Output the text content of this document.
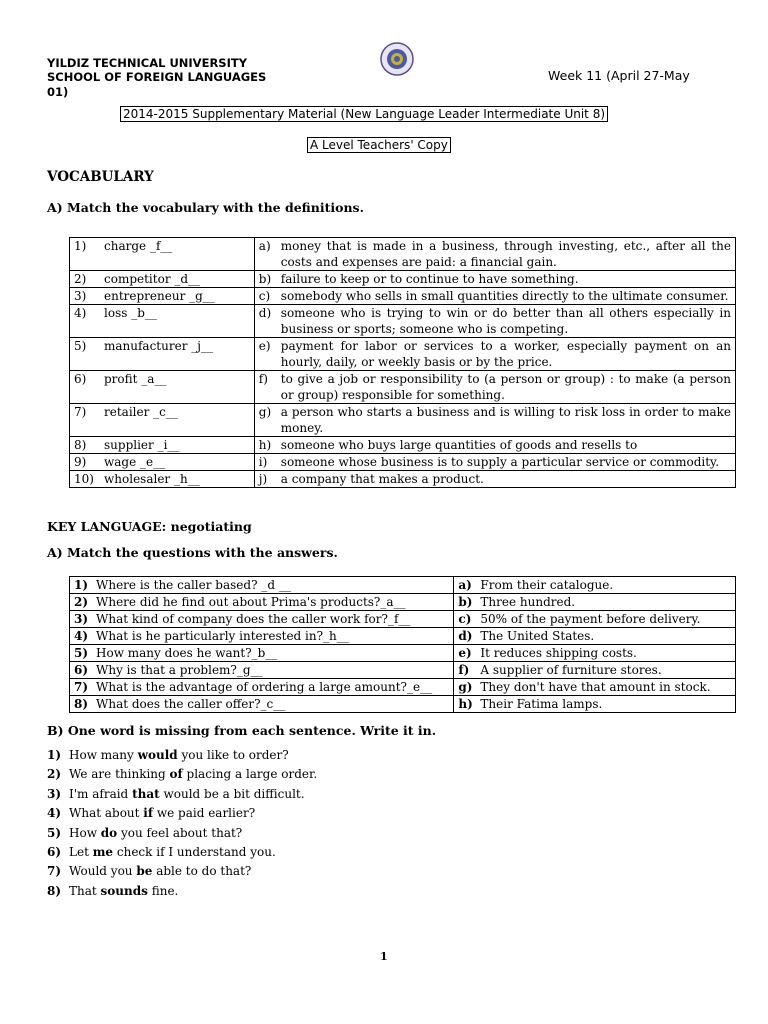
YILDIZ TECHNICAL UNIVERSITY
SCHOOL OF FOREIGN LANGUAGES
01)
Week 11 (April 27-May
2014-2015 Supplementary Material (New Language Leader Intermediate Unit 8)
A Level Teachers' Copy
VOCABULARY
A) Match the vocabulary with the definitions.
1) charge _f__	a) money that is made in a business, through investing, etc., after all the costs and expenses are paid: a financial gain.

2) competitor _d__	b) failure to keep or to continue to have something.

3) entrepreneur _g__	c) somebody who sells in small quantities directly to the ultimate consumer.

4) loss _b__	d) someone who is trying to win or do better than all others especially in business or sports; someone who is competing.

5) manufacturer _j__	e) payment for labor or services to a worker, especially payment on an hourly, daily, or weekly basis or by the price.

6) profit _a__	f) to give a job or responsibility to (a person or group) : to make (a person or group) responsible for something.

7) retailer _c__	g) a person who starts a business and is willing to risk loss in order to make money.

8) supplier _i__	h) someone who buys large quantities of goods and resells to

9) wage _e__	i) someone whose business is to supply a particular service or commodity.

10) wholesaler _h__	j) a company that makes a product.
KEY LANGUAGE: negotiating
A) Match the questions with the answers.
1) Where is the caller based? _d __	a) From their catalogue.
2) Where did he find out about Prima's products?_a__	b) Three hundred.
3) What kind of company does the caller work for?_f__	c) 50% of the payment before delivery.
4) What is he particularly interested in?_h__	d) The United States.
5) How many does he want?_b__	e) It reduces shipping costs.
6) Why is that a problem?_g__	f) A supplier of furniture stores.
7) What is the advantage of ordering a large amount?_e__	g) They don't have that amount in stock.
8) What does the caller offer?_c__	h) Their Fatima lamps.
B) One word is missing from each sentence. Write it in.
1) How many would you like to order?
2) We are thinking of placing a large order.
3) I'm afraid that would be a bit difficult.
4) What about if we paid earlier?
5) How do you feel about that?
6) Let me check if I understand you.
7) Would you be able to do that?
8) That sounds fine.
1
